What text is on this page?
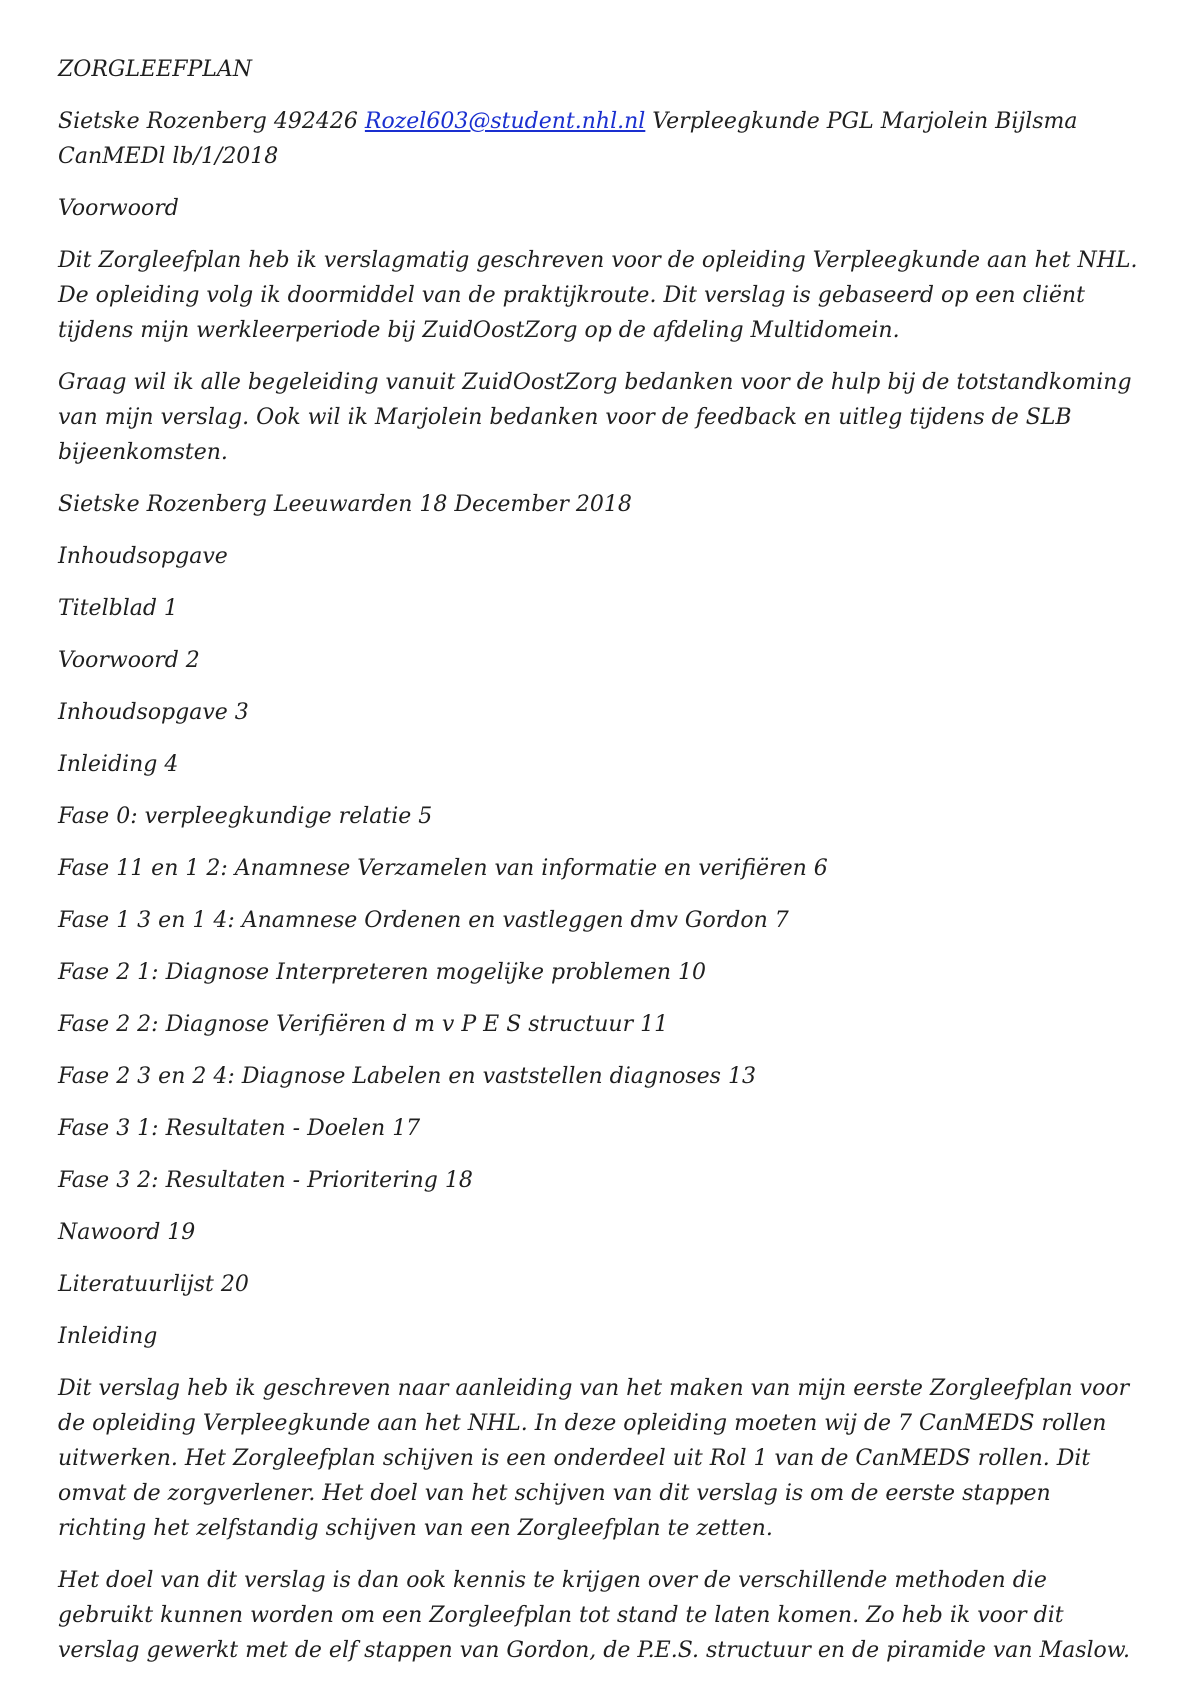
ZORGLEEFPLAN

Sietske Rozenberg 492426 Rozel603@student.nhl.nl Verpleegkunde PGL Marjolein Bijlsma CanMEDl lb/1/2018

Voorwoord

Dit Zorgleefplan heb ik verslagmatig geschreven voor de opleiding Verpleegkunde aan het NHL. De opleiding volg ik doormiddel van de praktijkroute. Dit verslag is gebaseerd op een cliënt tijdens mijn werkleerperiode bij ZuidOostZorg op de afdeling Multidomein.

Graag wil ik alle begeleiding vanuit ZuidOostZorg bedanken voor de hulp bij de totstandkoming van mijn verslag. Ook wil ik Marjolein bedanken voor de feedback en uitleg tijdens de SLB bijeenkomsten.

Sietske Rozenberg Leeuwarden 18 December 2018

Inhoudsopgave

Titelblad 1
Voorwoord 2
Inhoudsopgave 3
Inleiding 4
Fase 0: verpleegkundige relatie 5
Fase 11 en 1 2: Anamnese Verzamelen van informatie en verifiëren 6
Fase 1 3 en 1 4: Anamnese Ordenen en vastleggen dmv Gordon 7
Fase 2 1: Diagnose Interpreteren mogelijke problemen 10
Fase 2 2: Diagnose Verifiëren d m v P E S structuur 11
Fase 2 3 en 2 4: Diagnose Labelen en vaststellen diagnoses 13
Fase 3 1: Resultaten - Doelen 17
Fase 3 2: Resultaten - Prioritering 18
Nawoord 19
Literatuurlijst 20

Inleiding

Dit verslag heb ik geschreven naar aanleiding van het maken van mijn eerste Zorgleefplan voor de opleiding Verpleegkunde aan het NHL. In deze opleiding moeten wij de 7 CanMEDS rollen uitwerken. Het Zorgleefplan schijven is een onderdeel uit Rol 1 van de CanMEDS rollen. Dit omvat de zorgverlener. Het doel van het schijven van dit verslag is om de eerste stappen richting het zelfstandig schijven van een Zorgleefplan te zetten.

Het doel van dit verslag is dan ook kennis te krijgen over de verschillende methoden die gebruikt kunnen worden om een Zorgleefplan tot stand te laten komen. Zo heb ik voor dit verslag gewerkt met de elf stappen van Gordon, de P.E.S. structuur en de piramide van Maslow.
